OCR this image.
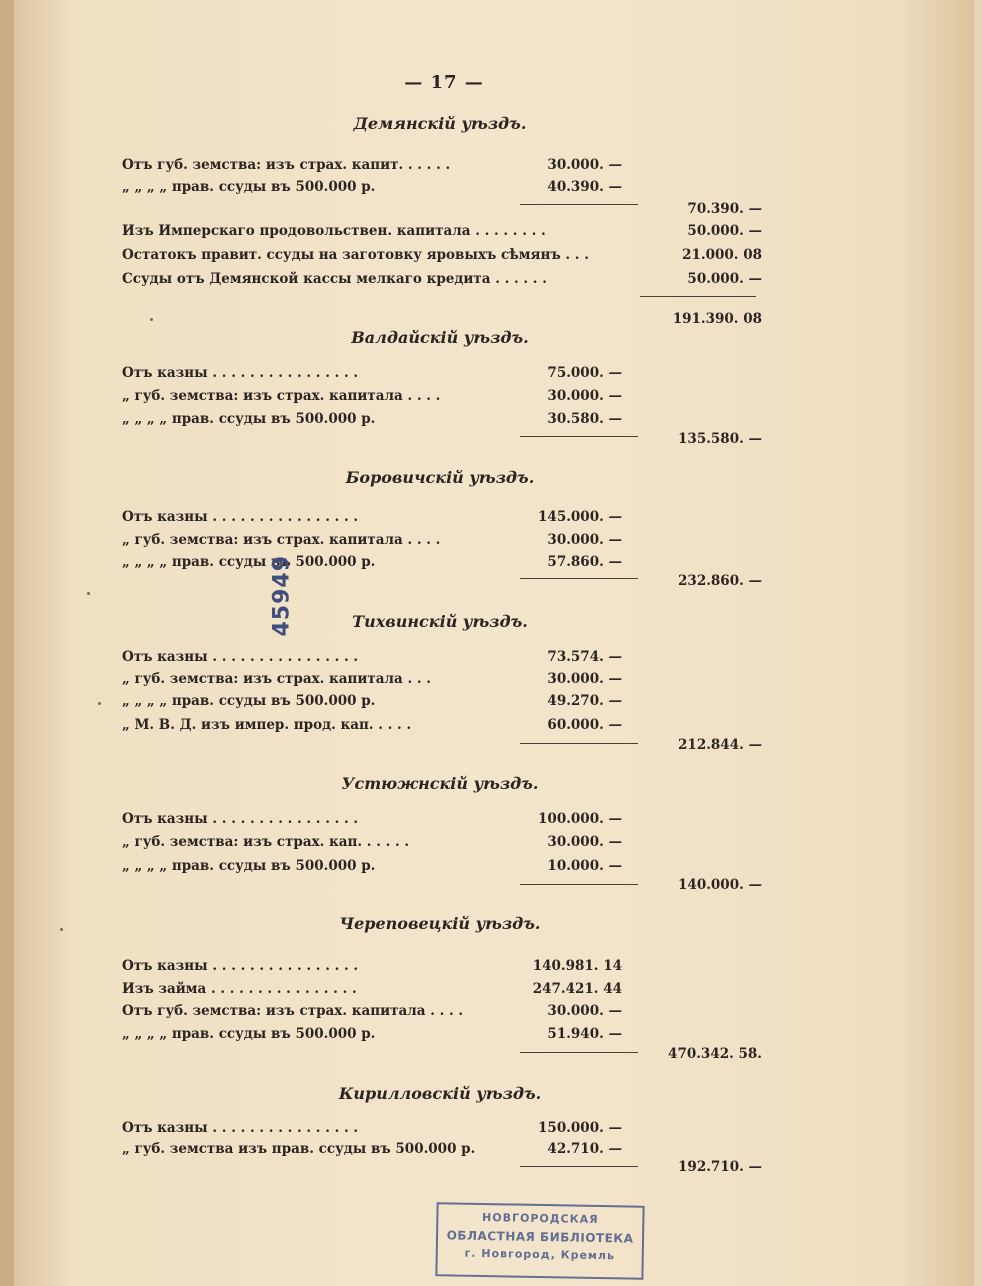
— 17 —
Демянскій уѣздъ.
Отъ губ. земства: изъ страх. капит. . . . . .	30.000. —
„ „ „ „ прав. ссуды въ 500.000 р.	40.390. —
70.390. —
Изъ Имперскаго продовольствен. капитала . . . . . . . .	50.000. —
Остатокъ правит. ссуды на заготовку яровыхъ сѣмянъ . . .	21.000. 08
Ссуды отъ Демянской кассы мелкаго кредита . . . . . .	50.000. —
191.390. 08
Валдайскій уѣздъ.
Отъ казны . . . . . . . . . . . . . . . .	75.000. —
„ губ. земства: изъ страх. капитала . . . .	30.000. —
„ „ „ „ прав. ссуды въ 500.000 р.	30.580. —
135.580. —
Боровичскій уѣздъ.
Отъ казны . . . . . . . . . . . . . . . .	145.000. —
„ губ. земства: изъ страх. капитала . . . .	30.000. —
„ „ „ „ прав. ссуды въ 500.000 р.	57.860. —
232.860. —
Тихвинскій уѣздъ.
Отъ казны . . . . . . . . . . . . . . . .	73.574. —
„ губ. земства: изъ страх. капитала . . .	30.000. —
„ „ „ „ прав. ссуды въ 500.000 р.	49.270. —
„ М. В. Д. изъ импер. прод. кап. . . . .	60.000. —
212.844. —
Устюжнскій уѣздъ.
Отъ казны . . . . . . . . . . . . . . . .	100.000. —
„ губ. земства: изъ страх. кап. . . . . .	30.000. —
„ „ „ „ прав. ссуды въ 500.000 р.	10.000. —
140.000. —
Череповецкій уѣздъ.
Отъ казны . . . . . . . . . . . . . . . .	140.981. 14
Изъ займа . . . . . . . . . . . . . . . .	247.421. 44
Отъ губ. земства: изъ страх. капитала . . . .	30.000. —
„ „ „ „ прав. ссуды въ 500.000 р.	51.940. —
470.342. 58.
Кирилловскій уѣздъ.
Отъ казны . . . . . . . . . . . . . . . .	150.000. —
„ губ. земства изъ прав. ссуды въ 500.000 р.	42.710. —
192.710. —
45949
НОВГОРОДСКАЯ
ОБЛАСТНАЯ БИБЛІОТЕКА
г. Новгород, Кремль
